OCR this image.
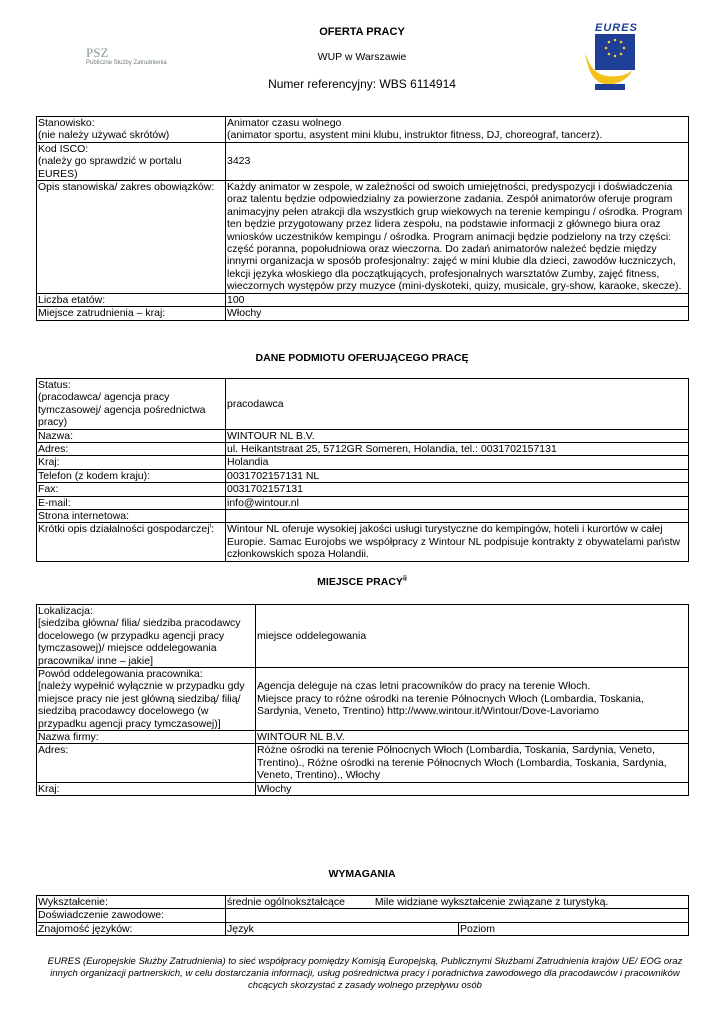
OFERTA PRACY
WUP w Warszawie
Numer referencyjny: WBS 6114914
PSZ
Publiczne Służby Zatrudnienia
EURES
Stanowisko:
(nie należy używać skrótów)	Animator czasu wolnego
(animator sportu, asystent mini klubu, instruktor fitness, DJ, choreograf, tancerz).
Kod ISCO:
(należy go sprawdzić w portalu EURES)	3423
Opis stanowiska/ zakres obowiązków:	Każdy animator w zespole, w zależności od swoich umiejętności, predyspozycji i doświadczenia oraz talentu będzie odpowiedzialny za powierzone zadania. Zespół animatorów oferuje program animacyjny pełen atrakcji dla wszystkich grup wiekowych na terenie kempingu / ośrodka. Program ten będzie przygotowany przez lidera zespołu, na podstawie informacji z głównego biura oraz wniosków uczestników kempingu / ośrodka. Program animacji będzie podzielony na trzy części: część poranna, popołudniowa oraz wieczorna. Do zadań animatorów należeć będzie między innymi organizacja w sposób profesjonalny: zajęć w mini klubie dla dzieci, zawodów łuczniczych, lekcji języka włoskiego dla początkujących, profesjonalnych warsztatów Zumby, zajęć fitness, wieczornych występów przy muzyce (mini-dyskoteki, quizy, musicale, gry-show, karaoke, skecze).
Liczba etatów:	100
Miejsce zatrudnienia – kraj:	Włochy
DANE PODMIOTU OFERUJĄCEGO PRACĘ
Status:
(pracodawca/ agencja pracy tymczasowej/ agencja pośrednictwa pracy)	pracodawca
Nazwa:	WINTOUR NL B.V.
Adres:	ul. Heikantstraat 25, 5712GR Someren, Holandia, tel.: 0031702157131
Kraj:	Holandia
Telefon (z kodem kraju):	0031702157131 NL
Fax:	0031702157131
E-mail:	info@wintour.nl
Strona internetowa:	
Krótki opis działalności gospodarczej$^i$:	Wintour NL oferuje wysokiej jakości usługi turystyczne do kempingów, hoteli i kurortów w całej Europie. Samac Eurojobs we współpracy z Wintour NL podpisuje kontrakty z obywatelami państw członkowskich spoza Holandii.
MIEJSCE PRACY$^{ii}$
Lokalizacja:
[siedziba główna/ filia/ siedziba pracodawcy docelowego (w przypadku agencji pracy tymczasowej)/ miejsce oddelegowania pracownika/ inne – jakie]	miejsce oddelegowania
Powód oddelegowania pracownika:
[należy wypełnić wyłącznie w przypadku gdy miejsce pracy nie jest główną siedzibą/ filią/ siedzibą pracodawcy docelowego (w przypadku agencji pracy tymczasowej)]	Agencja deleguje na czas letni pracowników do pracy na terenie Włoch.
Miejsce pracy to różne ośrodki na terenie Północnych Włoch (Lombardia, Toskania, Sardynia, Veneto, Trentino) http://www.wintour.it/Wintour/Dove-Lavoriamo
Nazwa firmy:	WINTOUR NL B.V.
Adres:	Różne ośrodki na terenie Północnych Włoch (Lombardia, Toskania, Sardynia, Veneto, Trentino)., Różne ośrodki na terenie Północnych Włoch (Lombardia, Toskania, Sardynia, Veneto, Trentino)., Włochy
Kraj:	Włochy
WYMAGANIA
Wykształcenie:	średnie ogólnokształcące Mile widziane wykształcenie związane z turystyką.	
Doświadczenie zawodowe:		
Znajomość języków:	Język	Poziom
EURES (Europejskie Służby Zatrudnienia) to sieć współpracy pomiędzy Komisją Europejską, Publicznymi Służbami Zatrudnienia krajów UE/ EOG oraz innych organizacji partnerskich, w celu dostarczania informacji, usług pośrednictwa pracy i poradnictwa zawodowego dla pracodawców i pracowników chcących skorzystać z zasady wolnego przepływu osób
